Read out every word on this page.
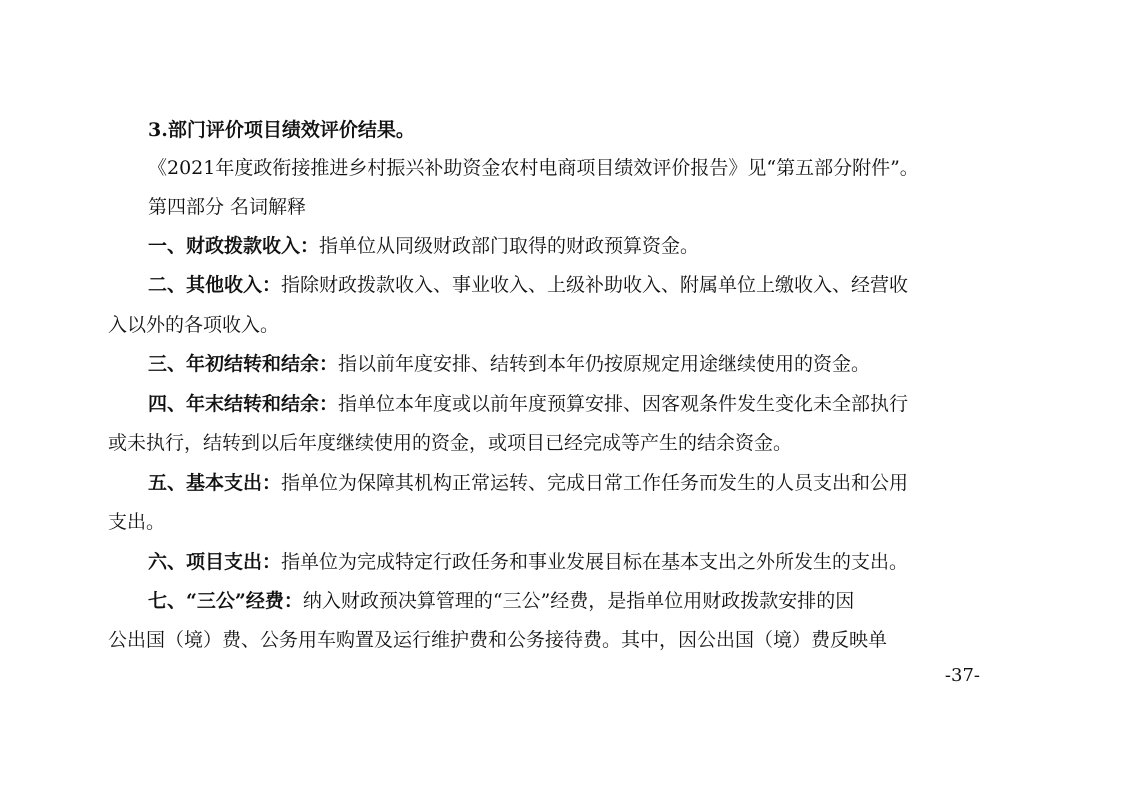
3.部门评价项目绩效评价结果。
《2021年度政衔接推进乡村振兴补助资金农村电商项目绩效评价报告》见“第五部分附件”。
第四部分 名词解释
一、财政拨款收入：指单位从同级财政部门取得的财政预算资金。
二、其他收入：指除财政拨款收入、事业收入、上级补助收入、附属单位上缴收入、经营收
入以外的各项收入。
三、年初结转和结余：指以前年度安排、结转到本年仍按原规定用途继续使用的资金。
四、年末结转和结余：指单位本年度或以前年度预算安排、因客观条件发生变化未全部执行
或未执行，结转到以后年度继续使用的资金，或项目已经完成等产生的结余资金。
五、基本支出：指单位为保障其机构正常运转、完成日常工作任务而发生的人员支出和公用
支出。
六、项目支出：指单位为完成特定行政任务和事业发展目标在基本支出之外所发生的支出。
七、“三公”经费：纳入财政预决算管理的“三公”经费，是指单位用财政拨款安排的因
公出国（境）费、公务用车购置及运行维护费和公务接待费。其中，因公出国（境）费反映单
-37-
